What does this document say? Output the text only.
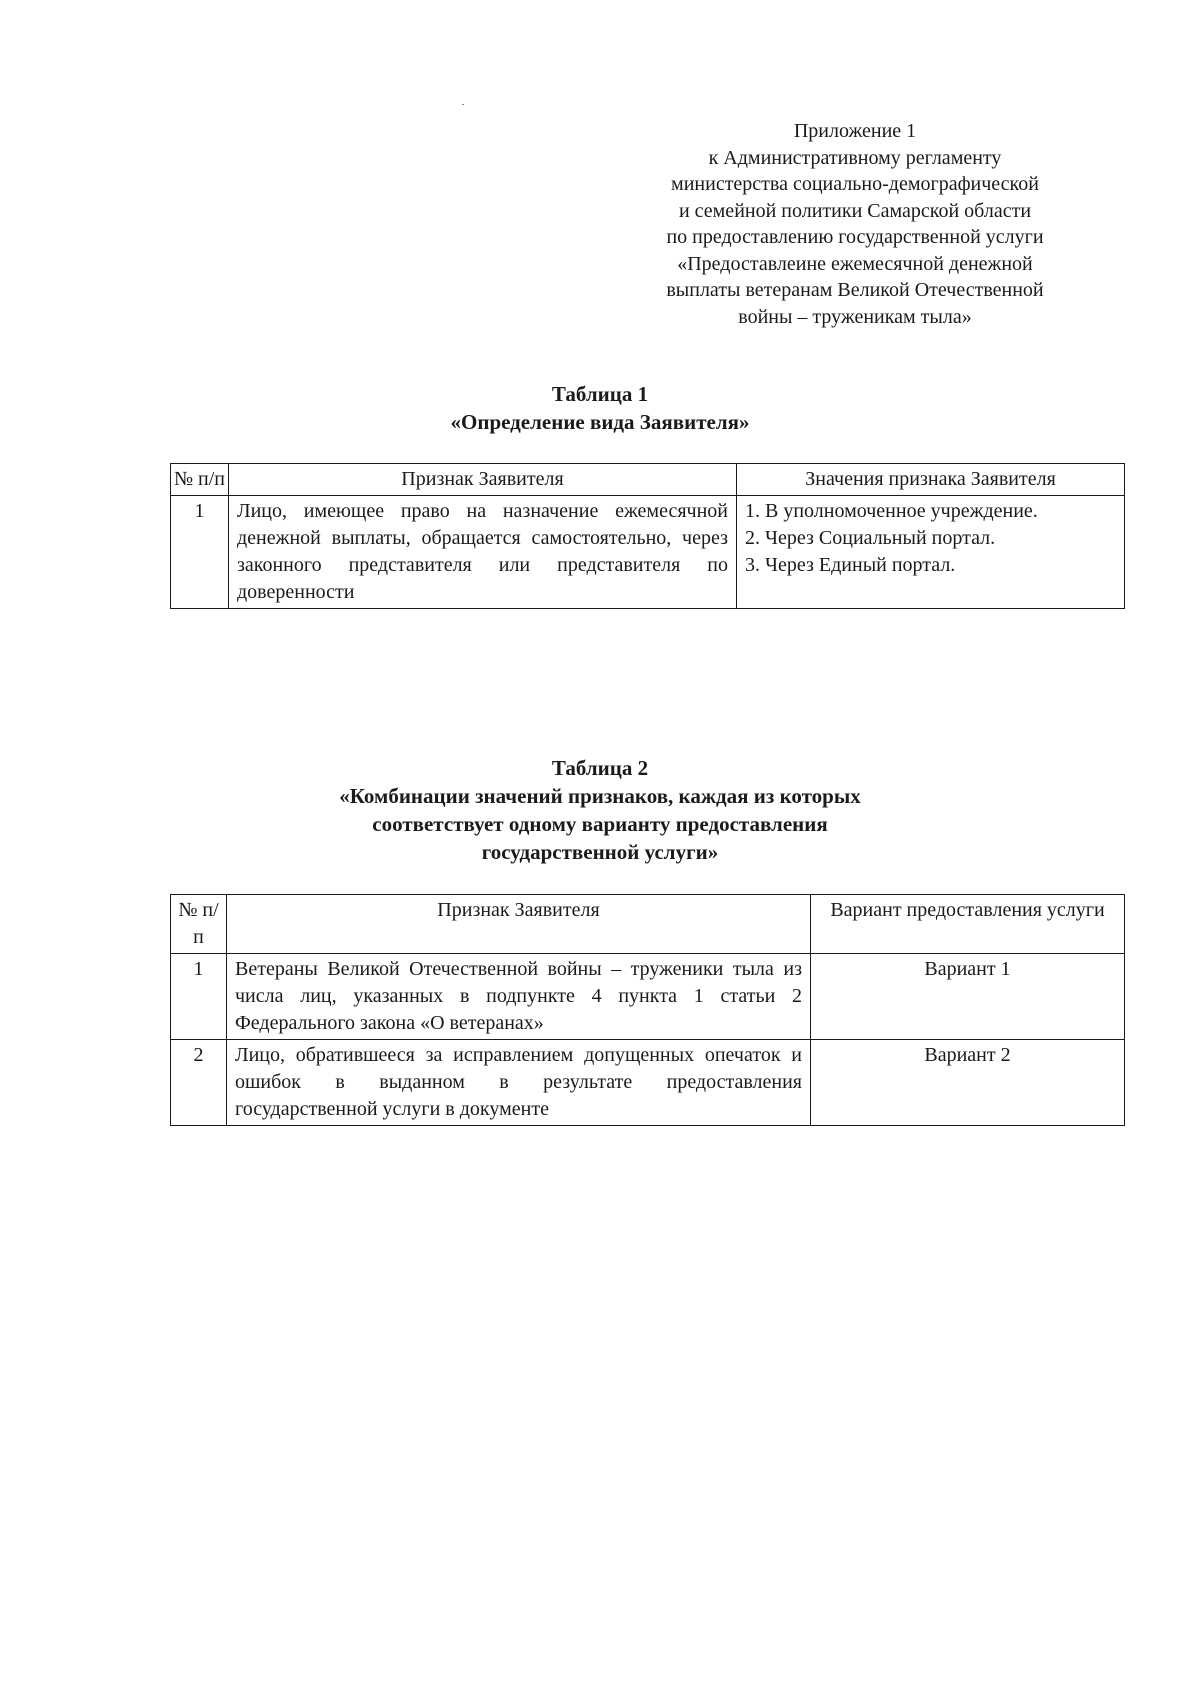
Приложение 1
к Административному регламенту
министерства социально-демографической
и семейной политики Самарской области
по предоставлению государственной услуги
«Предоставлеине ежемесячной денежной
выплаты ветеранам Великой Отечественной
войны – труженикам тыла»
Таблица 1
«Определение вида Заявителя»
№ п/п	Признак Заявителя	Значения признака Заявителя
1	Лицо, имеющее право на назначение ежемесячной денежной выплаты, обращается самостоятельно, через законного представителя или представителя по доверенности	1. В уполномоченное учреждение.
2. Через Социальный портал.
3. Через Единый портал.
Таблица 2
«Комбинации значений признаков, каждая из которых
соответствует одному варианту предоставления
государственной услуги»
№ п/п	Признак Заявителя	Вариант предоставления услуги
1	Ветераны Великой Отечественной войны – труженики тыла из числа лиц, указанных в подпункте 4 пункта 1 статьи 2 Федерального закона «О ветеранах»	Вариант 1
2	Лицо, обратившееся за исправлением допущенных опечаток и ошибок в выданном в результате предоставления государственной услуги в документе	Вариант 2
